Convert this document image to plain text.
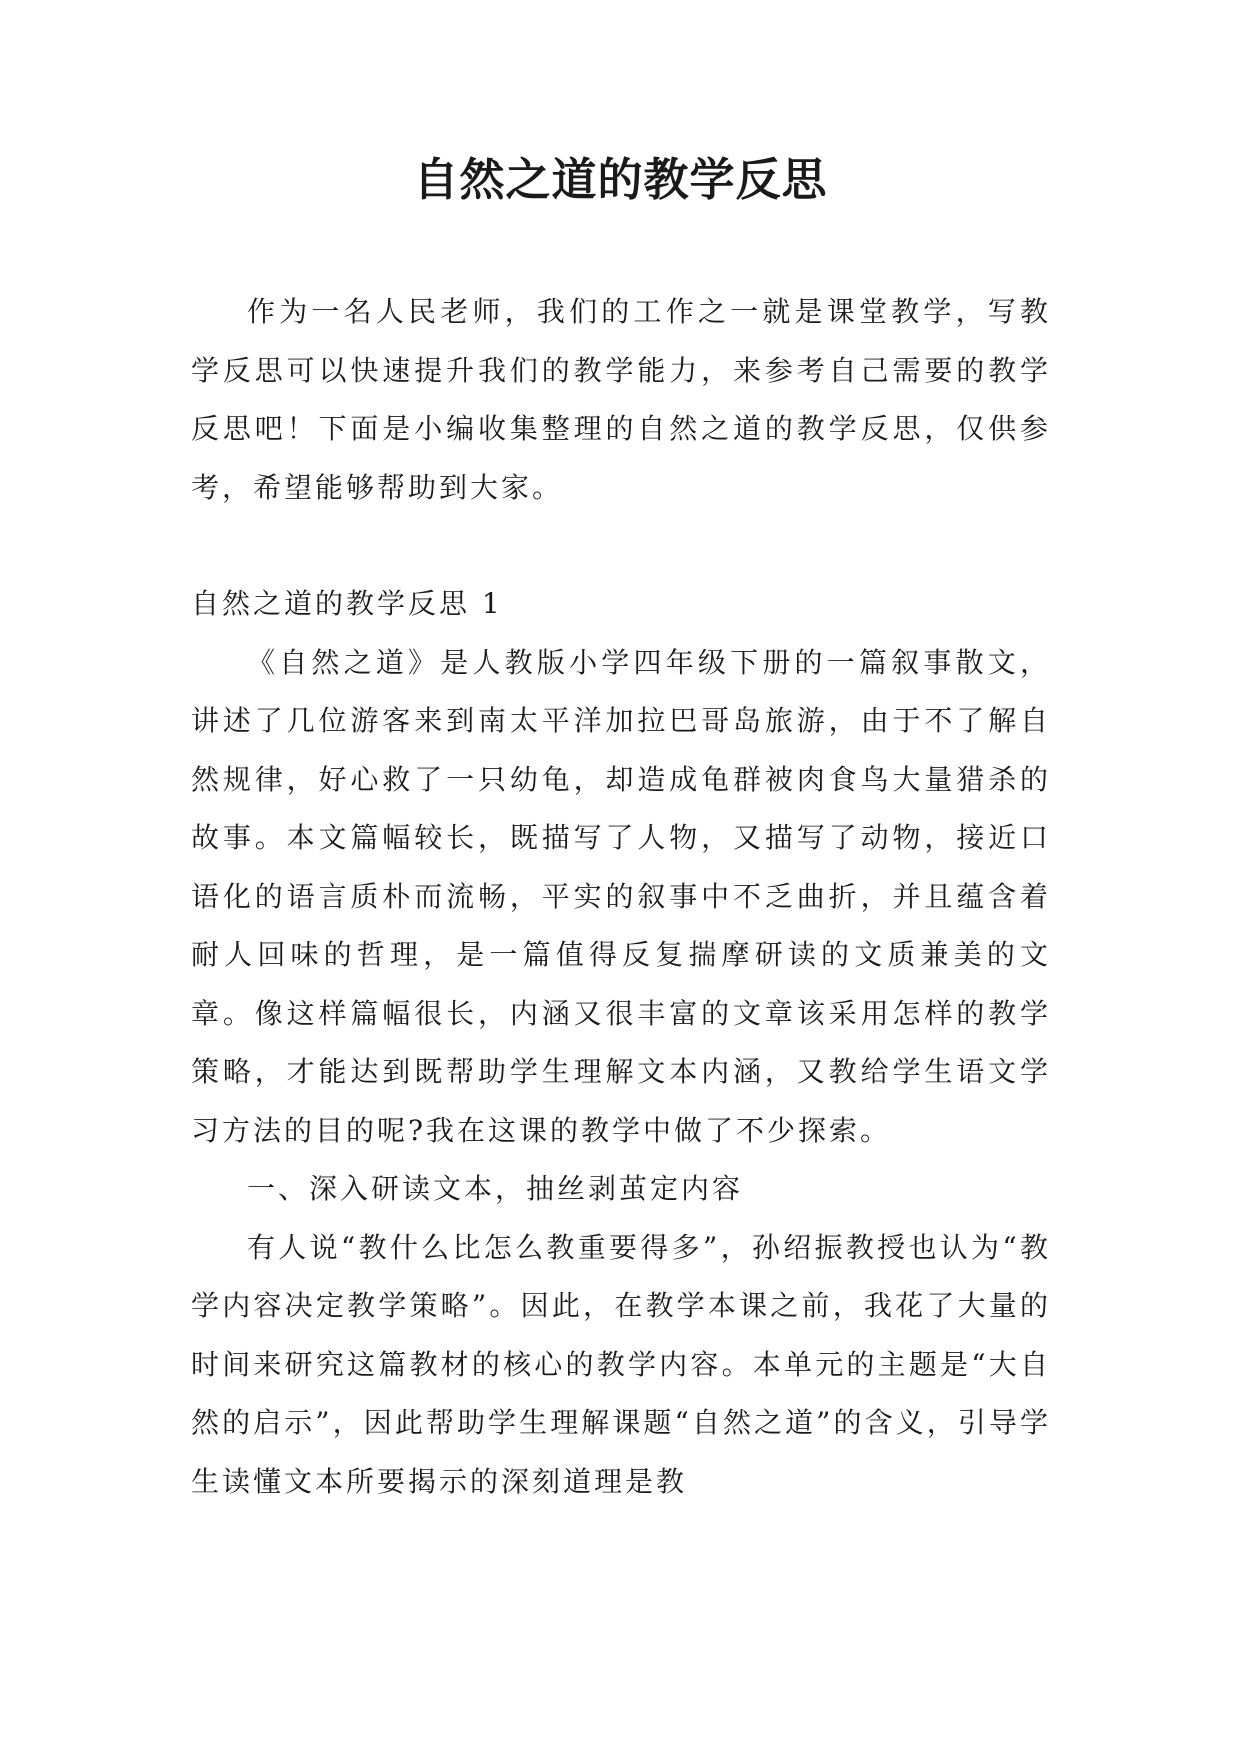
自然之道的教学反思

作为一名人民老师，我们的工作之一就是课堂教学，写教学反思可以快速提升我们的教学能力，来参考自己需要的教学反思吧！下面是小编收集整理的自然之道的教学反思，仅供参考，希望能够帮助到大家。

自然之道的教学反思 1

《自然之道》是人教版小学四年级下册的一篇叙事散文，讲述了几位游客来到南太平洋加拉巴哥岛旅游，由于不了解自然规律，好心救了一只幼龟，却造成龟群被肉食鸟大量猎杀的故事。本文篇幅较长，既描写了人物，又描写了动物，接近口语化的语言质朴而流畅，平实的叙事中不乏曲折，并且蕴含着耐人回味的哲理，是一篇值得反复揣摩研读的文质兼美的文章。像这样篇幅很长，内涵又很丰富的文章该采用怎样的教学策略，才能达到既帮助学生理解文本内涵，又教给学生语文学习方法的目的呢?我在这课的教学中做了不少探索。

一、深入研读文本，抽丝剥茧定内容

有人说“教什么比怎么教重要得多”，孙绍振教授也认为“教学内容决定教学策略”。因此，在教学本课之前，我花了大量的时间来研究这篇教材的核心的教学内容。本单元的主题是“大自然的启示”，因此帮助学生理解课题“自然之道”的含义，引导学生读懂文本所要揭示的深刻道理是教
